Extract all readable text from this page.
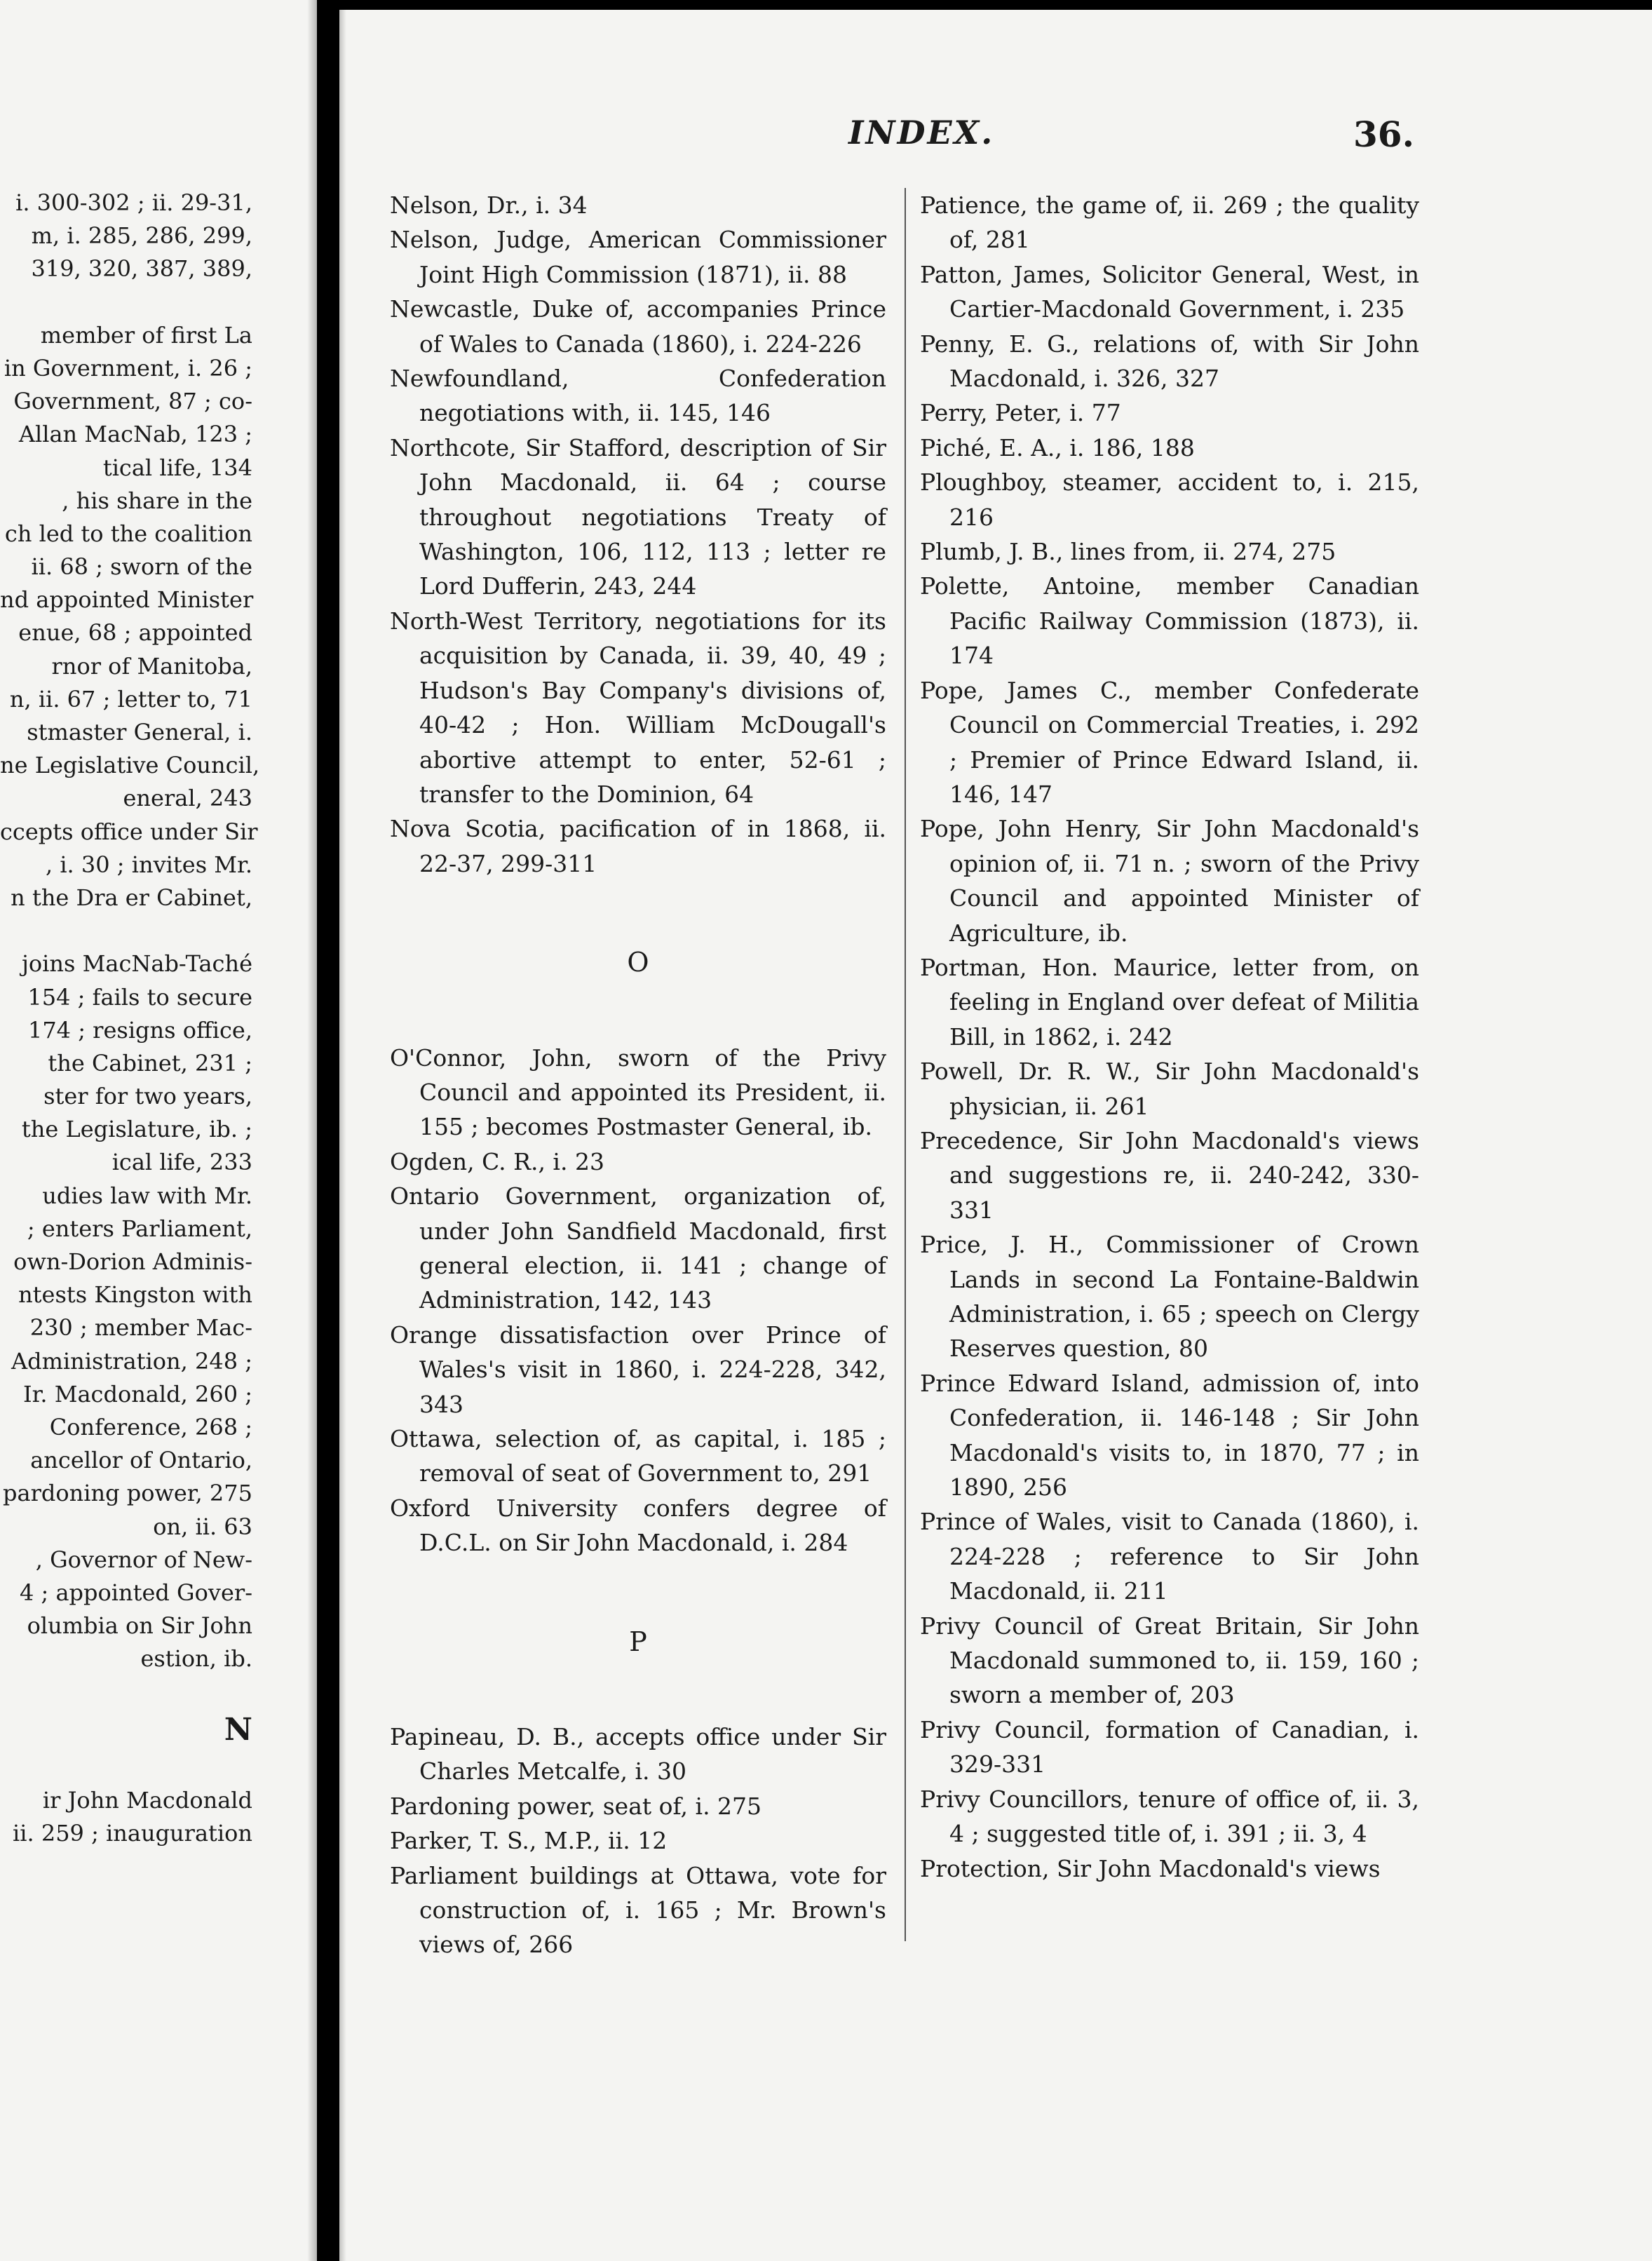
i. 300-302 ; ii. 29-31,
m, i. 285, 286, 299,
319, 320, 387, 389,
member of first La
in Government, i. 26 ;
Government, 87 ; co-
Allan MacNab, 123 ;
tical life, 134
, his share in the
ch led to the coalition
ii. 68 ; sworn of the
nd appointed Minister
enue, 68 ; appointed
rnor of Manitoba,
n, ii. 67 ; letter to, 71
stmaster General, i.
ne Legislative Council,
eneral, 243
ccepts office under Sir
, i. 30 ; invites Mr.
n the Dra er Cabinet,
joins MacNab-Taché
154 ; fails to secure
174 ; resigns office,
the Cabinet, 231 ;
ster for two years,
the Legislature, ib. ;
ical life, 233
udies law with Mr.
; enters Parliament,
own-Dorion Adminis-
ntests Kingston with
230 ; member Mac-
Administration, 248 ;
Ir. Macdonald, 260 ;
Conference, 268 ;
ancellor of Ontario,
pardoning power, 275
on, ii. 63
, Governor of New-
4 ; appointed Gover-
olumbia on Sir John
estion, ib.
N
ir John Macdonald
ii. 259 ; inauguration
INDEX.	36.

Nelson, Dr., i. 34

Nelson, Judge, American Commissioner Joint High Commission (1871), ii. 88

Newcastle, Duke of, accompanies Prince of Wales to Canada (1860), i. 224-226

Newfoundland, Confederation negotiations with, ii. 145, 146

Northcote, Sir Stafford, description of Sir John Macdonald, ii. 64 ; course throughout negotiations Treaty of Washington, 106, 112, 113 ; letter re Lord Dufferin, 243, 244

North-West Territory, negotiations for its acquisition by Canada, ii. 39, 40, 49 ; Hudson's Bay Company's divisions of, 40-42 ; Hon. William McDougall's abortive attempt to enter, 52-61 ; transfer to the Dominion, 64

Nova Scotia, pacification of in 1868, ii. 22-37, 299-311

O

O'Connor, John, sworn of the Privy Council and appointed its President, ii. 155 ; becomes Postmaster General, ib.

Ogden, C. R., i. 23

Ontario Government, organization of, under John Sandfield Macdonald, first general election, ii. 141 ; change of Administration, 142, 143

Orange dissatisfaction over Prince of Wales's visit in 1860, i. 224-228, 342, 343

Ottawa, selection of, as capital, i. 185 ; removal of seat of Government to, 291

Oxford University confers degree of D.C.L. on Sir John Macdonald, i. 284

P

Papineau, D. B., accepts office under Sir Charles Metcalfe, i. 30

Pardoning power, seat of, i. 275

Parker, T. S., M.P., ii. 12

Parliament buildings at Ottawa, vote for construction of, i. 165 ; Mr. Brown's views of, 266

Patience, the game of, ii. 269 ; the quality of, 281

Patton, James, Solicitor General, West, in Cartier-Macdonald Government, i. 235

Penny, E. G., relations of, with Sir John Macdonald, i. 326, 327

Perry, Peter, i. 77

Piché, E. A., i. 186, 188

Ploughboy, steamer, accident to, i. 215, 216

Plumb, J. B., lines from, ii. 274, 275

Polette, Antoine, member Canadian Pacific Railway Commission (1873), ii. 174

Pope, James C., member Confederate Council on Commercial Treaties, i. 292 ; Premier of Prince Edward Island, ii. 146, 147

Pope, John Henry, Sir John Macdonald's opinion of, ii. 71 n. ; sworn of the Privy Council and appointed Minister of Agriculture, ib.

Portman, Hon. Maurice, letter from, on feeling in England over defeat of Militia Bill, in 1862, i. 242

Powell, Dr. R. W., Sir John Macdonald's physician, ii. 261

Precedence, Sir John Macdonald's views and suggestions re, ii. 240-242, 330-331

Price, J. H., Commissioner of Crown Lands in second La Fontaine-Baldwin Administration, i. 65 ; speech on Clergy Reserves question, 80

Prince Edward Island, admission of, into Confederation, ii. 146-148 ; Sir John Macdonald's visits to, in 1870, 77 ; in 1890, 256

Prince of Wales, visit to Canada (1860), i. 224-228 ; reference to Sir John Macdonald, ii. 211

Privy Council of Great Britain, Sir John Macdonald summoned to, ii. 159, 160 ; sworn a member of, 203

Privy Council, formation of Canadian, i. 329-331

Privy Councillors, tenure of office of, ii. 3, 4 ; suggested title of, i. 391 ; ii. 3, 4

Protection, Sir John Macdonald's views
